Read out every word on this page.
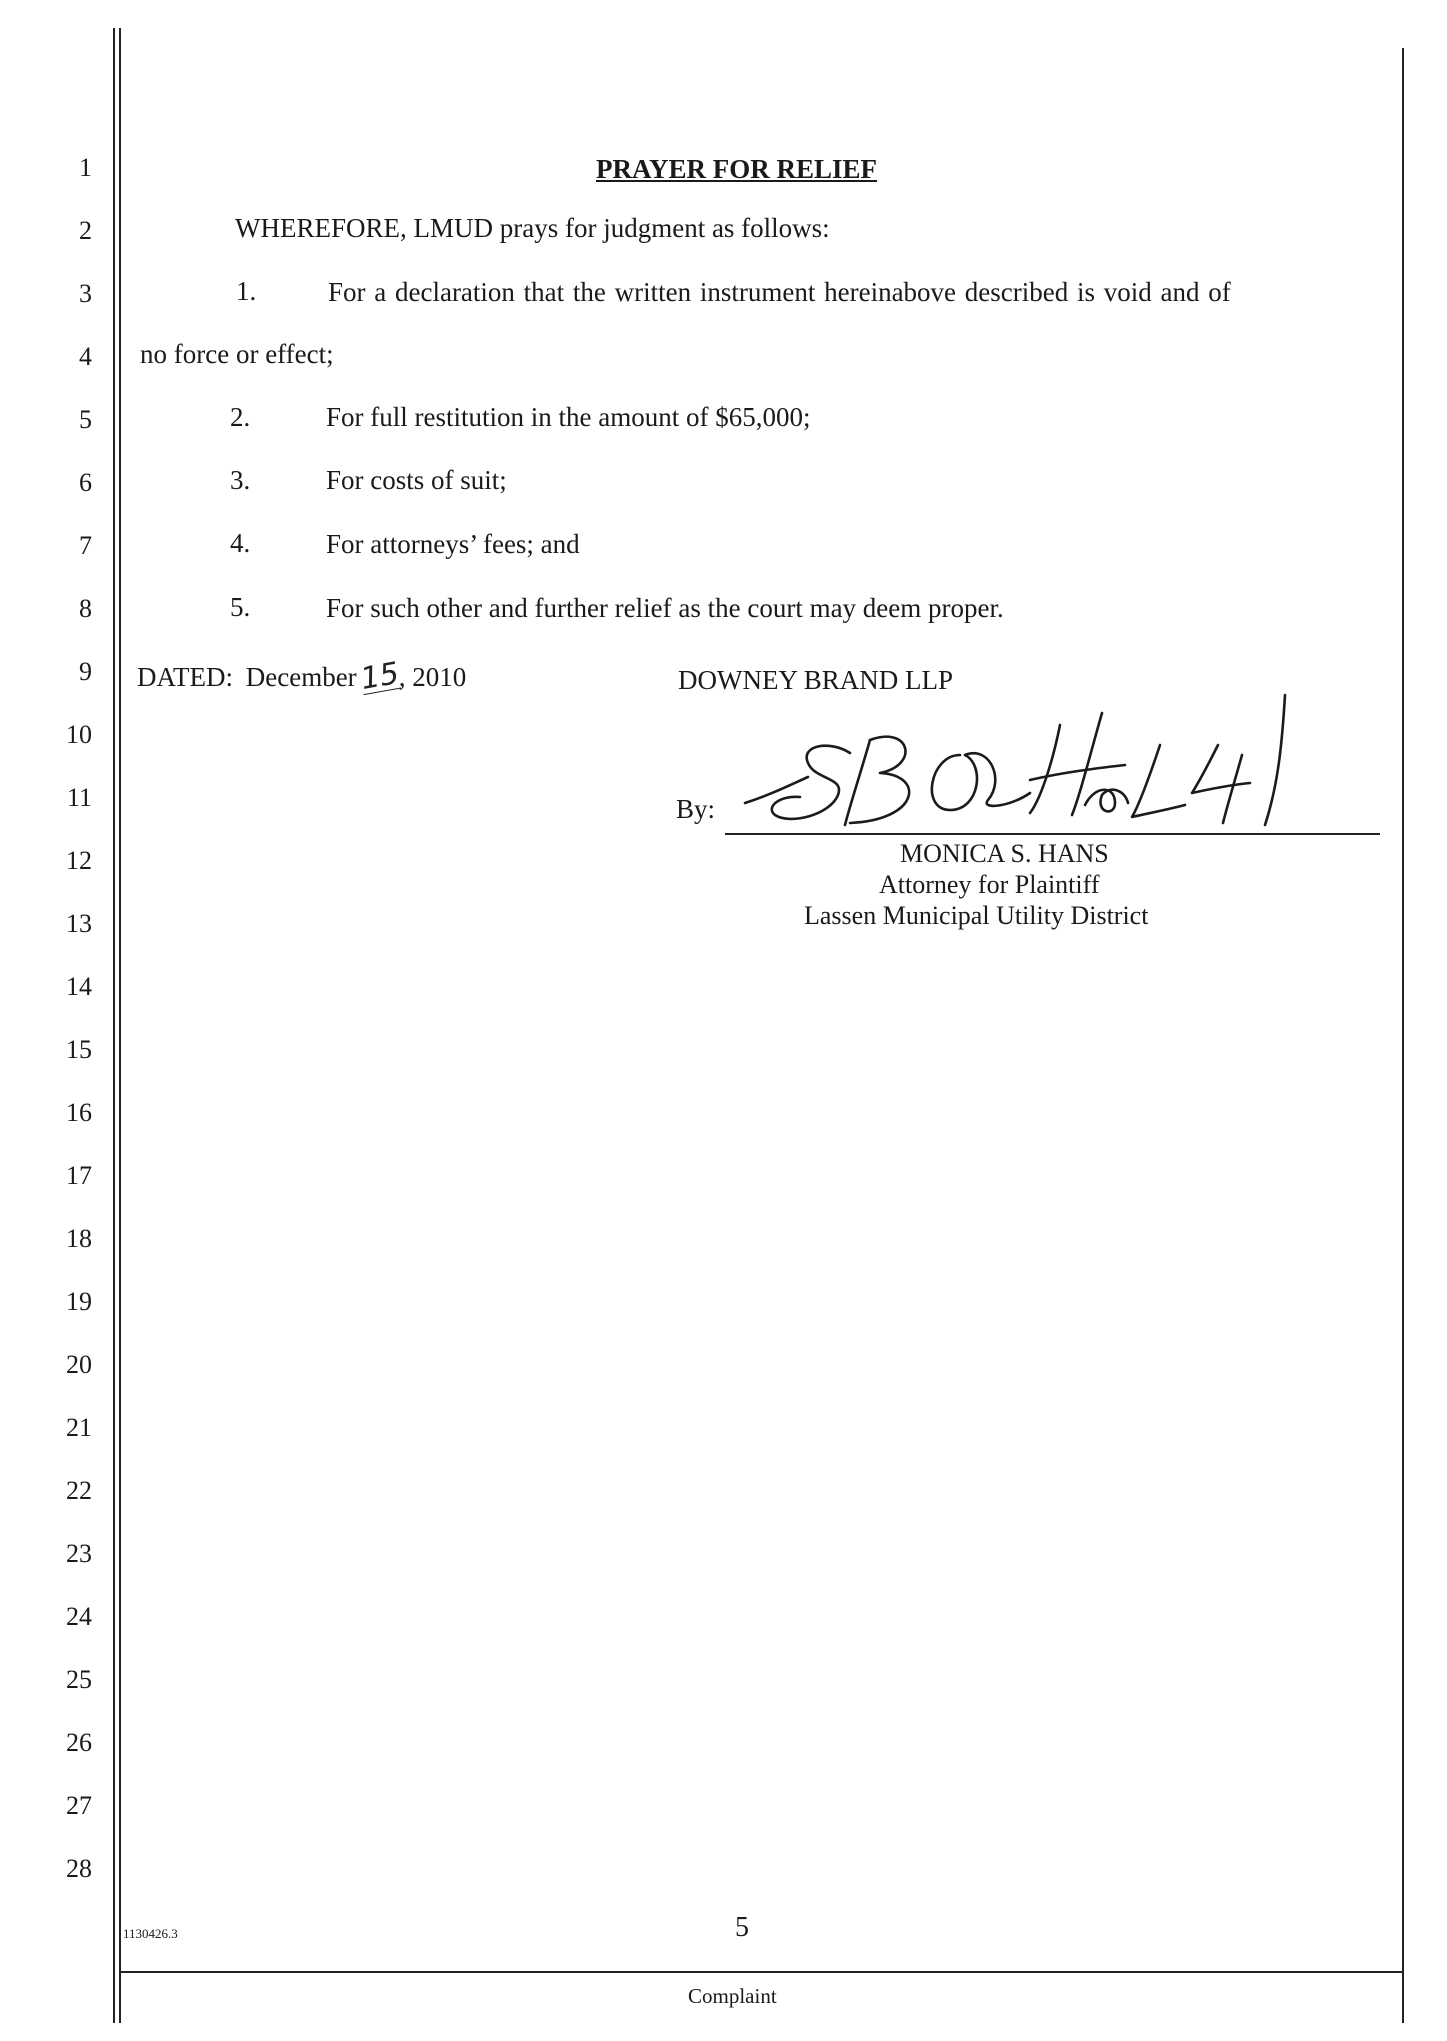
1
2
3
4
5
6
7
8
9
10
11
12
13
14
15
16
17
18
19
20
21
22
23
24
25
26
27
28
PRAYER FOR RELIEF
WHEREFORE, LMUD prays for judgment as follows:
1.	For a declaration that the written instrument hereinabove described is void and of
no force or effect;
2.	For full restitution in the amount of $65,000;
3.	For costs of suit;
4.	For attorneys’ fees; and
5.	For such other and further relief as the court may deem proper.
DATED: December15, 2010	DOWNEY BRAND LLP
By:
MONICA S. HANS
Attorney for Plaintiff
Lassen Municipal Utility District
1130426.3	5
Complaint
